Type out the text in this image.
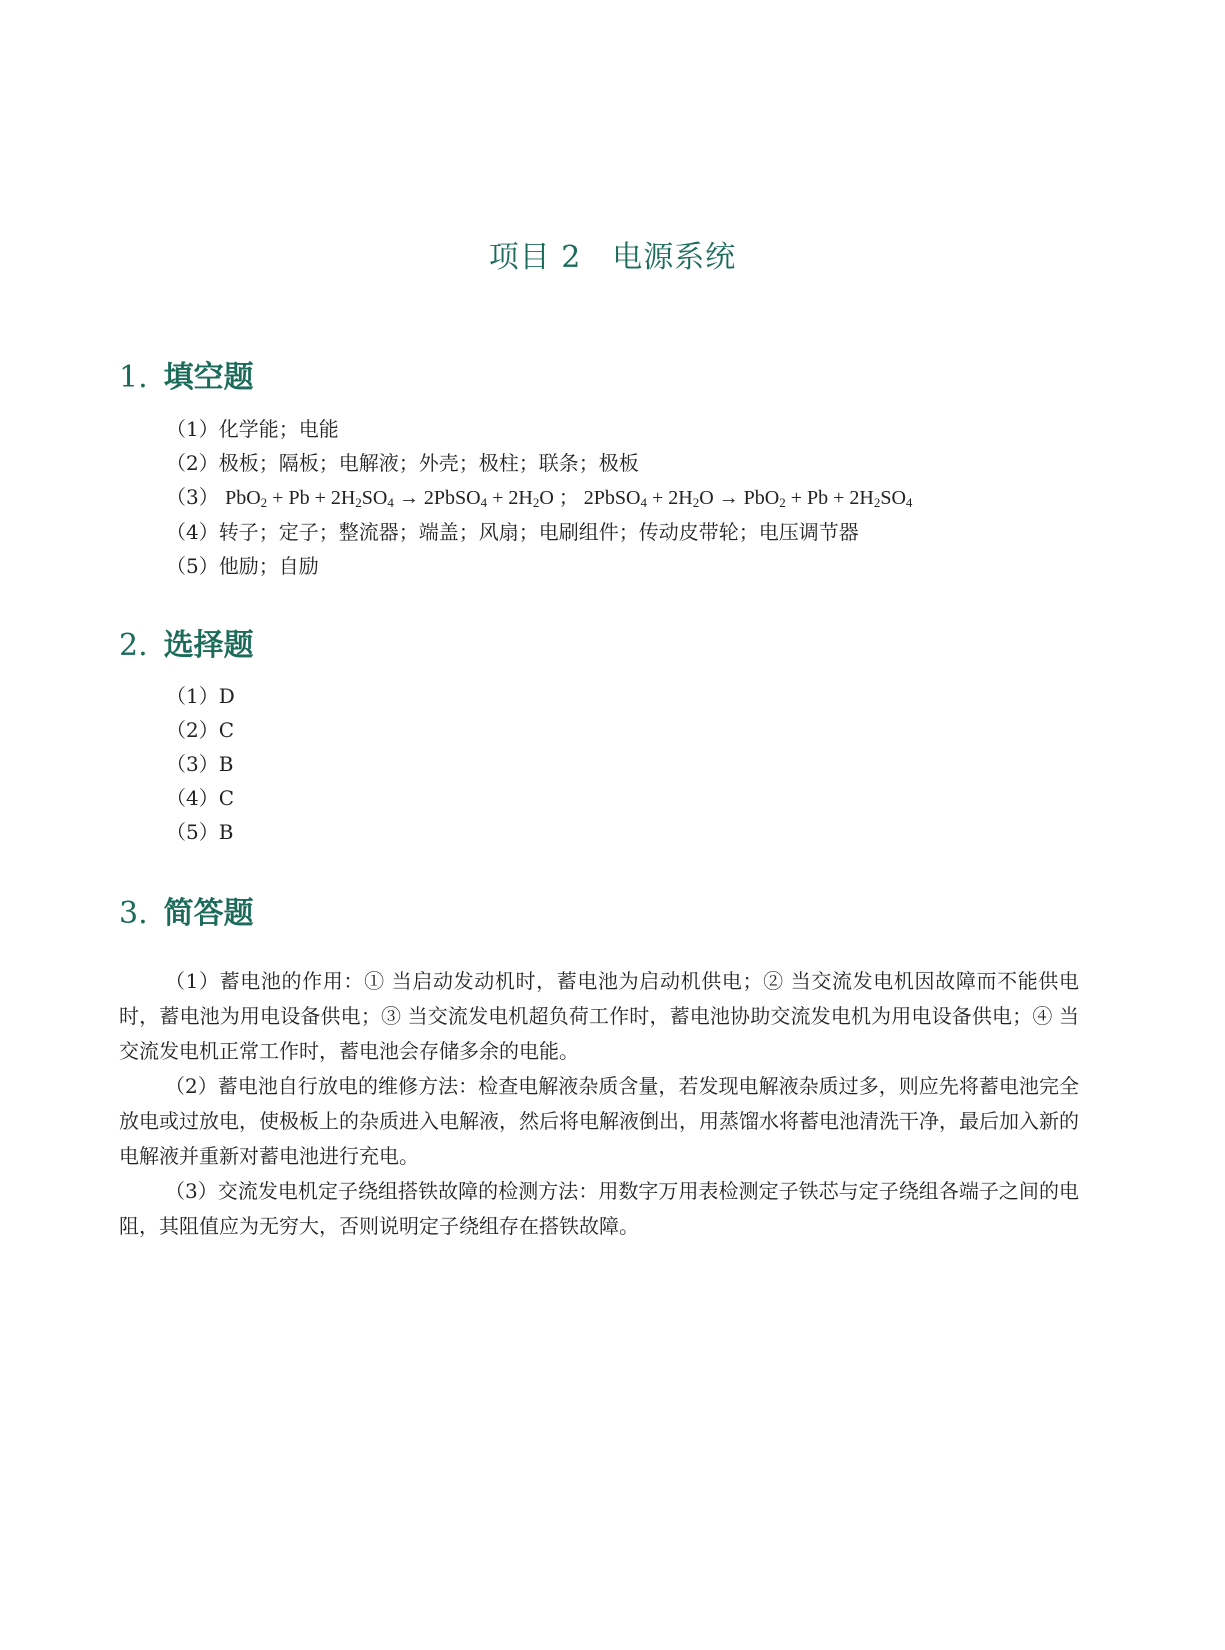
项目 2　电源系统
1. 填空题
（1）化学能；电能
（2）极板；隔板；电解液；外壳；极柱；联条；极板
（3） $PbO_2 + Pb + 2H_2SO_4$ → 2PbSO$_4$ + $2H_2O$ ； 2PbSO$_4$ + $2H_2O \to PbO_2 + Pb + 2H_2SO_4$
（4）转子；定子；整流器；端盖；风扇；电刷组件；传动皮带轮；电压调节器
（5）他励；自励
2. 选择题
（1）D
（2）C
（3）B
（4）C
（5）B
3. 简答题

（1）蓄电池的作用：① 当启动发动机时，蓄电池为启动机供电；② 当交流发电机因故障而不能供电时，蓄电池为用电设备供电；③ 当交流发电机超负荷工作时，蓄电池协助交流发电机为用电设备供电；④ 当交流发电机正常工作时，蓄电池会存储多余的电能。

（2）蓄电池自行放电的维修方法：检查电解液杂质含量，若发现电解液杂质过多，则应先将蓄电池完全放电或过放电，使极板上的杂质进入电解液，然后将电解液倒出，用蒸馏水将蓄电池清洗干净，最后加入新的电解液并重新对蓄电池进行充电。

（3）交流发电机定子绕组搭铁故障的检测方法：用数字万用表检测定子铁芯与定子绕组各端子之间的电阻，其阻值应为无穷大，否则说明定子绕组存在搭铁故障。
